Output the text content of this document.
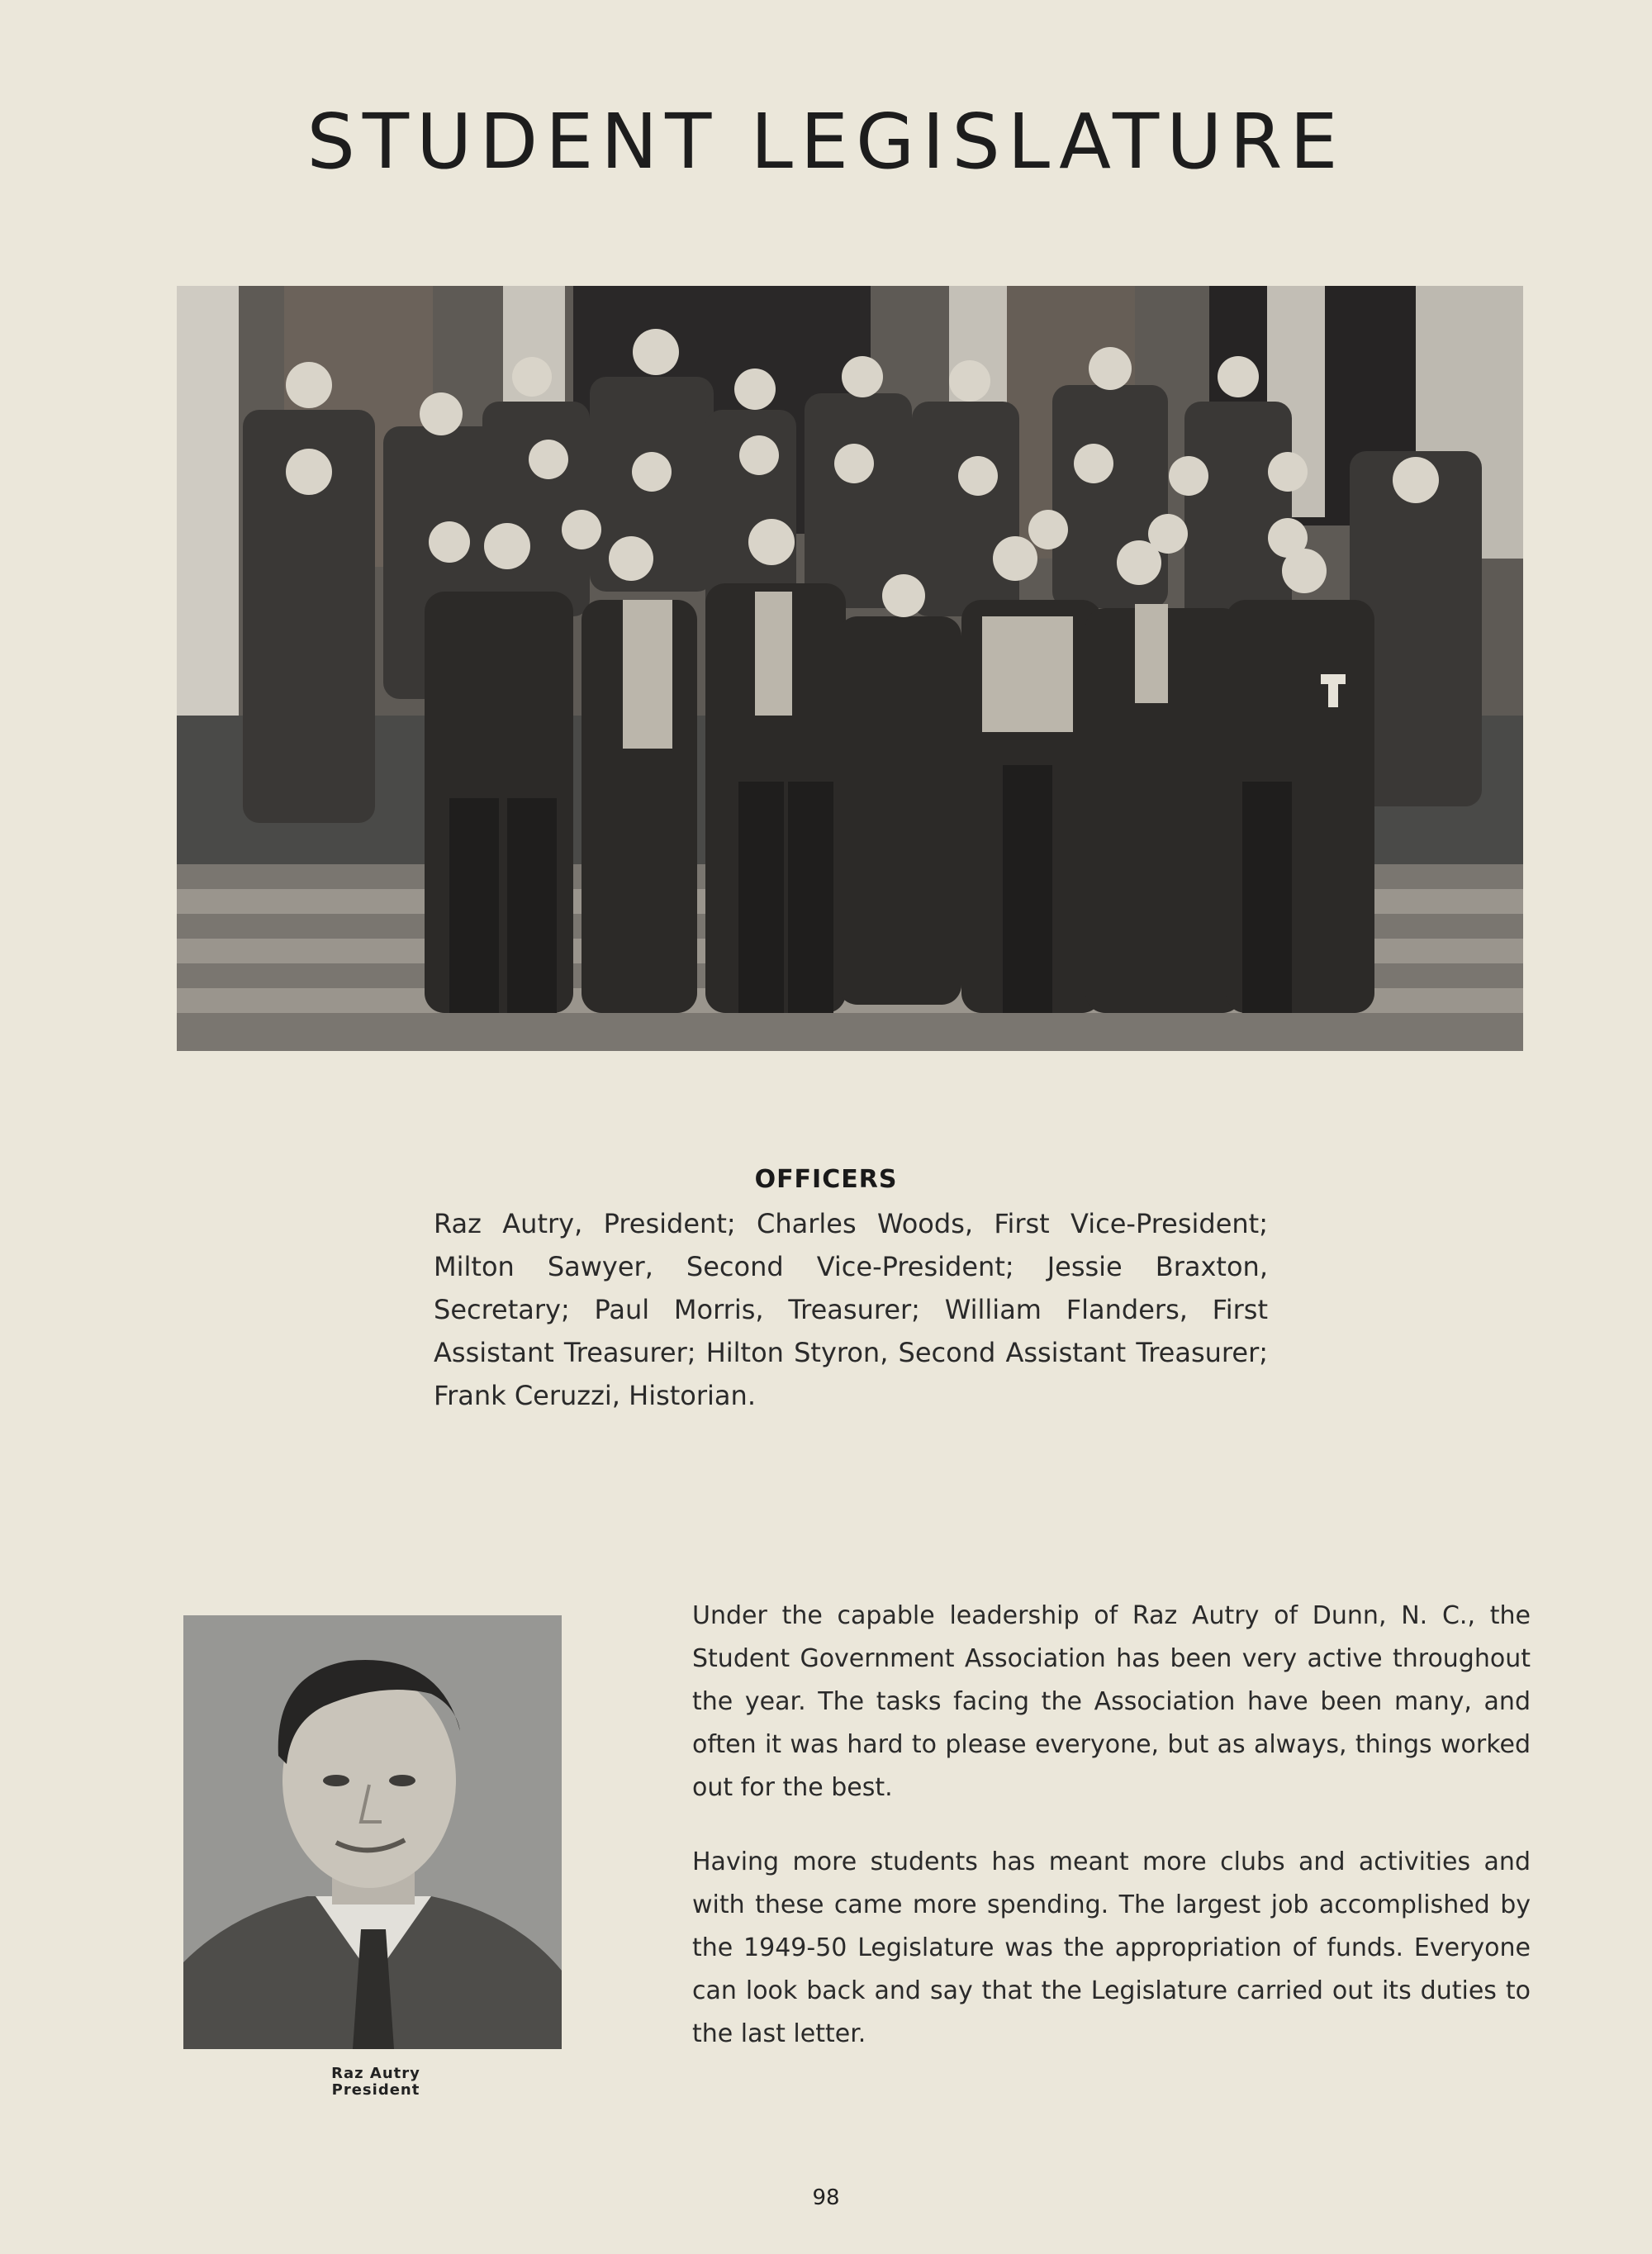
STUDENT LEGISLATURE
OFFICERS
Raz Autry, President; Charles Woods, First Vice-President; Milton Sawyer, Second Vice-President; Jessie Braxton, Secretary; Paul Morris, Treasurer; William Flanders, First Assistant Treasurer; Hilton Styron, Second Assistant Treasurer; Frank Ceruzzi, Historian.
Raz Autry
President

Under the capable leadership of Raz Autry of Dunn, N. C., the Student Government Association has been very active throughout the year. The tasks facing the Association have been many, and often it was hard to please everyone, but as always, things worked out for the best.

Having more students has meant more clubs and activities and with these came more spending. The largest job accomplished by the 1949-50 Legislature was the appropriation of funds. Everyone can look back and say that the Legislature carried out its duties to the last letter.

98
